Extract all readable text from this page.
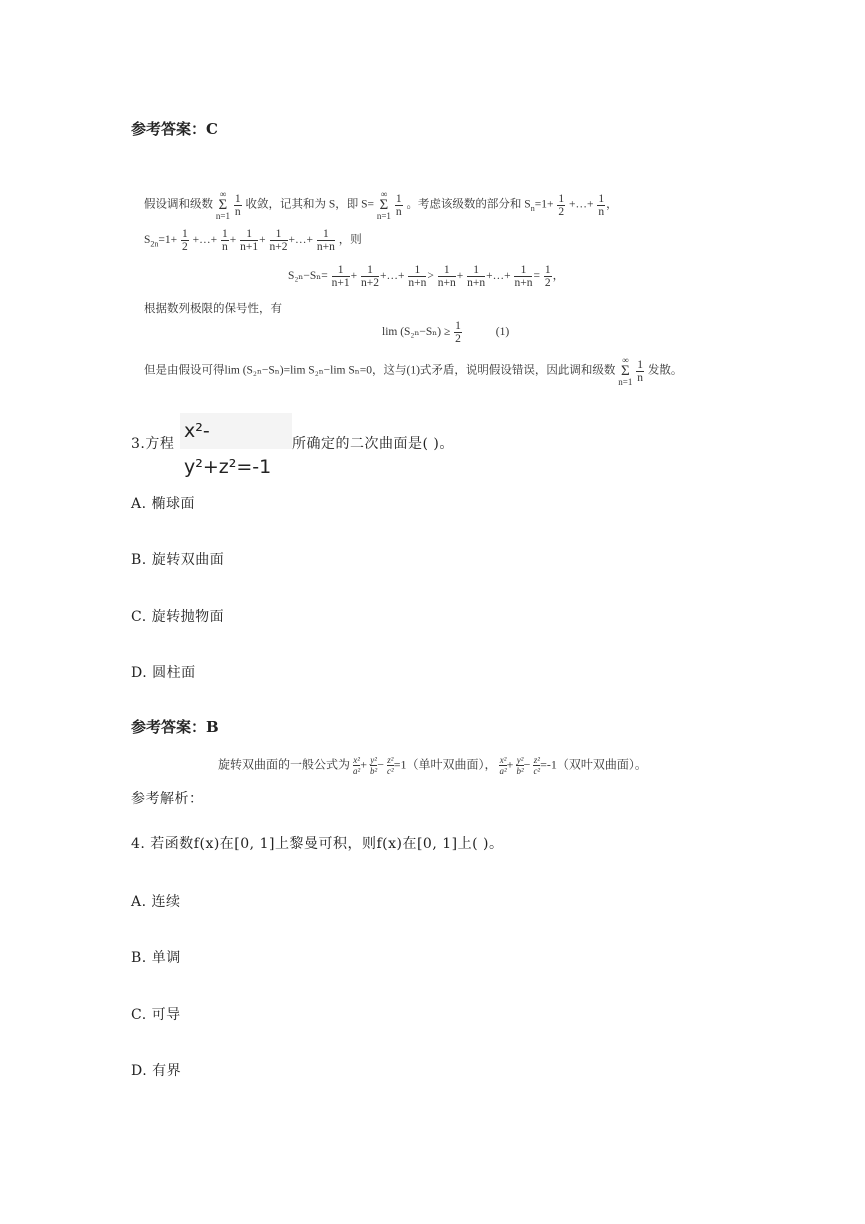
参考答案：C
假设调和级数 ∞
Σ
$n=1 \frac{1}{n}$ 收敛，记其和为 S，即 S= ∞
Σ
$n=1 \frac{1}{n}$ 。考虑该级数的部分和 $S_n=1+ \frac{1}{2}$ +…+ $\frac{1}{n}$ ，
$S_{2n}=1+ \frac{1}{2}$ +…+ $\frac{1}{n} + \frac{1}{n+1} + \frac{1}{n+2}$ +…+ $\frac{1}{n+n}$ ，则
$S_{2n}-S_n= \frac{1}{n+1} + \frac{1}{n+2}$ +…+ $\frac{1}{n+n} > \frac{1}{n+n} + \frac{1}{n+n}$ +…+ $\frac{1}{n+n} = \frac{1}{2}$ ，
根据数列极限的保号性，有
$\lim (S_{2n}-S_n) \ge \frac{1}{2}$	(1)
但是由假设可得lim (S₂ₙ−Sₙ)=lim S₂ₙ−lim Sₙ=0，这与(1)式矛盾，说明假设错误，因此调和级数 ∞
Σ
$n=1 \frac{1}{n}$ 发散。
3.方程
x²-y²+z²=-1
所确定的二次曲面是( )。
A. 椭球面
B. 旋转双曲面
C. 旋转抛物面
D. 圆柱面
参考答案：B
旋转双曲面的一般公式为 $\frac{\text{x²}}{\text{a²}} + \frac{\text{y²}}{\text{b²}} - \frac{\text{z²}}{\text{c²}} =1$（单叶双曲面）， $\frac{\text{x²}}{\text{a²}} + \frac{\text{y²}}{\text{b²}} - \frac{\text{z²}}{\text{c²}} =-1$（双叶双曲面）。
参考解析：
4. 若函数f(x)在[0, 1]上黎曼可积，则f(x)在[0, 1]上( )。
A. 连续
B. 单调
C. 可导
D. 有界
